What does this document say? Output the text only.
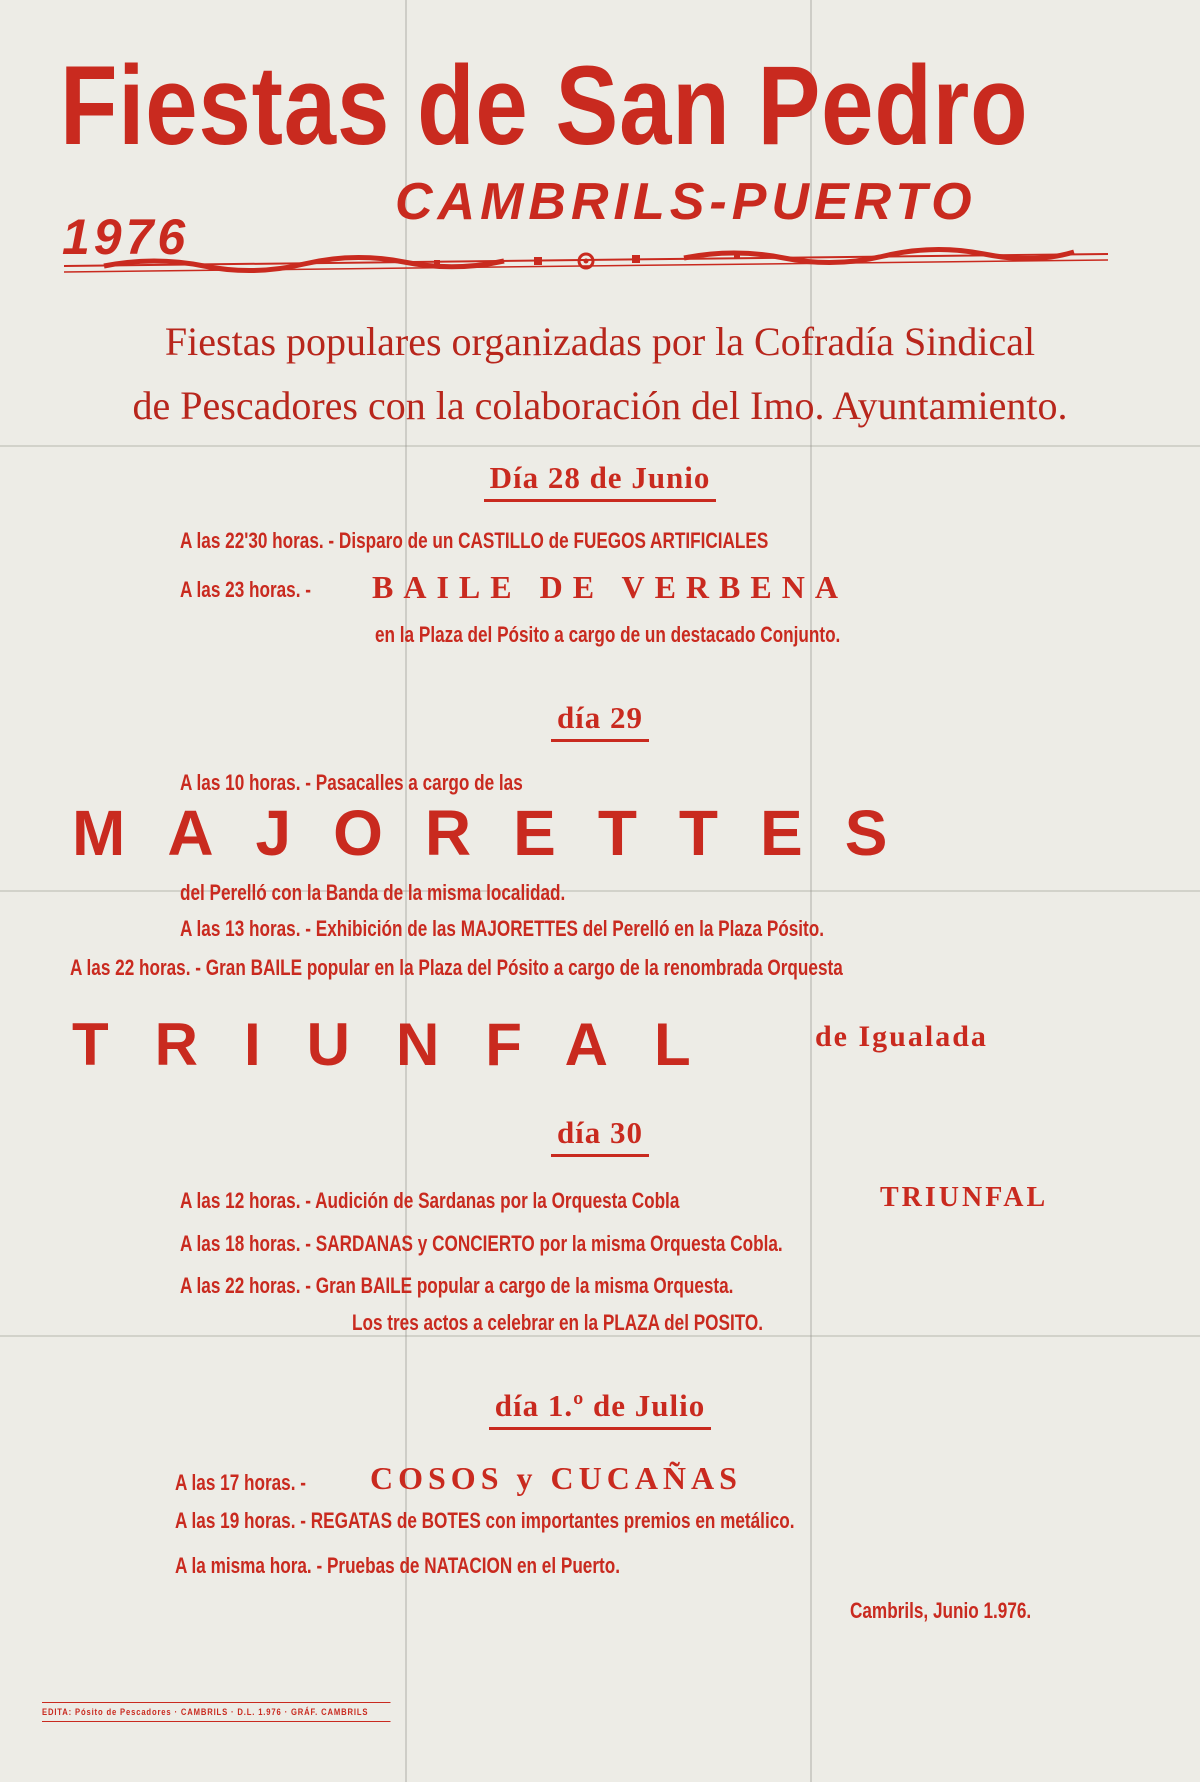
Fiestas de San Pedro
1976
CAMBRILS-PUERTO
Fiestas populares organizadas por la Cofradía Sindical
de Pescadores con la colaboración del Imo. Ayuntamiento.
Día 28 de Junio
A las 22'30 horas. - Disparo de un CASTILLO de FUEGOS ARTIFICIALES
A las 23 horas. - BAILE DE VERBENA
en la Plaza del Pósito a cargo de un destacado Conjunto.
día 29
A las 10 horas. - Pasacalles a cargo de las
MAJORETTES
del Perelló con la Banda de la misma localidad.
A las 13 horas. - Exhibición de las MAJORETTES del Perelló en la Plaza Pósito.
A las 22 horas. - Gran BAILE popular en la Plaza del Pósito a cargo de la renombrada Orquesta
TRIUNFAL	de Igualada
día 30
A las 12 horas. - Audición de Sardanas por la Orquesta Cobla	TRIUNFAL
A las 18 horas. - SARDANAS y CONCIERTO por la misma Orquesta Cobla.
A las 22 horas. - Gran BAILE popular a cargo de la misma Orquesta.
Los tres actos a celebrar en la PLAZA del POSITO.
día 1.º de Julio
A las 17 horas. - COSOS y CUCAÑAS
A las 19 horas. - REGATAS de BOTES con importantes premios en metálico.
A la misma hora. - Pruebas de NATACION en el Puerto.
Cambrils, Junio 1.976.
EDITA: Pósito de Pescadores · CAMBRILS · D.L. 1.976 · GRÁF. CAMBRILS
